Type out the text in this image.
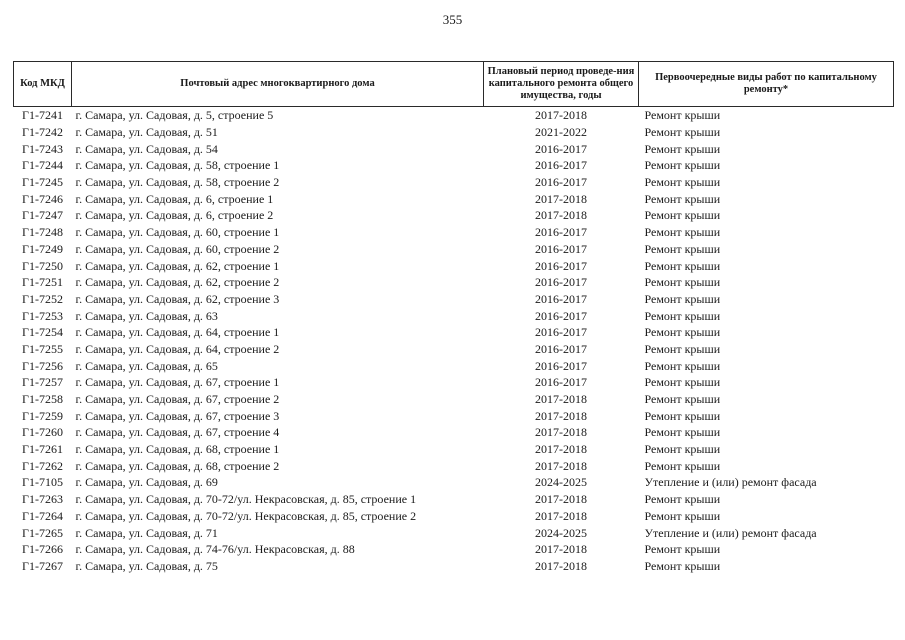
355
Код МКД	Почтовый адрес многоквартирного дома	Плановый период проведе-ния капитального ремонта общего имущества, годы	Первоочередные виды работ по капитальному ремонту*
Г1-7241	г. Самара, ул. Садовая, д. 5, строение 5	2017-2018	Ремонт крыши
Г1-7242	г. Самара, ул. Садовая, д. 51	2021-2022	Ремонт крыши
Г1-7243	г. Самара, ул. Садовая, д. 54	2016-2017	Ремонт крыши
Г1-7244	г. Самара, ул. Садовая, д. 58, строение 1	2016-2017	Ремонт крыши
Г1-7245	г. Самара, ул. Садовая, д. 58, строение 2	2016-2017	Ремонт крыши
Г1-7246	г. Самара, ул. Садовая, д. 6, строение 1	2017-2018	Ремонт крыши
Г1-7247	г. Самара, ул. Садовая, д. 6, строение 2	2017-2018	Ремонт крыши
Г1-7248	г. Самара, ул. Садовая, д. 60, строение 1	2016-2017	Ремонт крыши
Г1-7249	г. Самара, ул. Садовая, д. 60, строение 2	2016-2017	Ремонт крыши
Г1-7250	г. Самара, ул. Садовая, д. 62, строение 1	2016-2017	Ремонт крыши
Г1-7251	г. Самара, ул. Садовая, д. 62, строение 2	2016-2017	Ремонт крыши
Г1-7252	г. Самара, ул. Садовая, д. 62, строение 3	2016-2017	Ремонт крыши
Г1-7253	г. Самара, ул. Садовая, д. 63	2016-2017	Ремонт крыши
Г1-7254	г. Самара, ул. Садовая, д. 64, строение 1	2016-2017	Ремонт крыши
Г1-7255	г. Самара, ул. Садовая, д. 64, строение 2	2016-2017	Ремонт крыши
Г1-7256	г. Самара, ул. Садовая, д. 65	2016-2017	Ремонт крыши
Г1-7257	г. Самара, ул. Садовая, д. 67, строение 1	2016-2017	Ремонт крыши
Г1-7258	г. Самара, ул. Садовая, д. 67, строение 2	2017-2018	Ремонт крыши
Г1-7259	г. Самара, ул. Садовая, д. 67, строение 3	2017-2018	Ремонт крыши
Г1-7260	г. Самара, ул. Садовая, д. 67, строение 4	2017-2018	Ремонт крыши
Г1-7261	г. Самара, ул. Садовая, д. 68, строение 1	2017-2018	Ремонт крыши
Г1-7262	г. Самара, ул. Садовая, д. 68, строение 2	2017-2018	Ремонт крыши
Г1-7105	г. Самара, ул. Садовая, д. 69	2024-2025	Утепление и (или) ремонт фасада
Г1-7263	г. Самара, ул. Садовая, д. 70-72/ул. Некрасовская, д. 85, строение 1	2017-2018	Ремонт крыши
Г1-7264	г. Самара, ул. Садовая, д. 70-72/ул. Некрасовская, д. 85, строение 2	2017-2018	Ремонт крыши
Г1-7265	г. Самара, ул. Садовая, д. 71	2024-2025	Утепление и (или) ремонт фасада
Г1-7266	г. Самара, ул. Садовая, д. 74-76/ул. Некрасовская, д. 88	2017-2018	Ремонт крыши
Г1-7267	г. Самара, ул. Садовая, д. 75	2017-2018	Ремонт крыши
